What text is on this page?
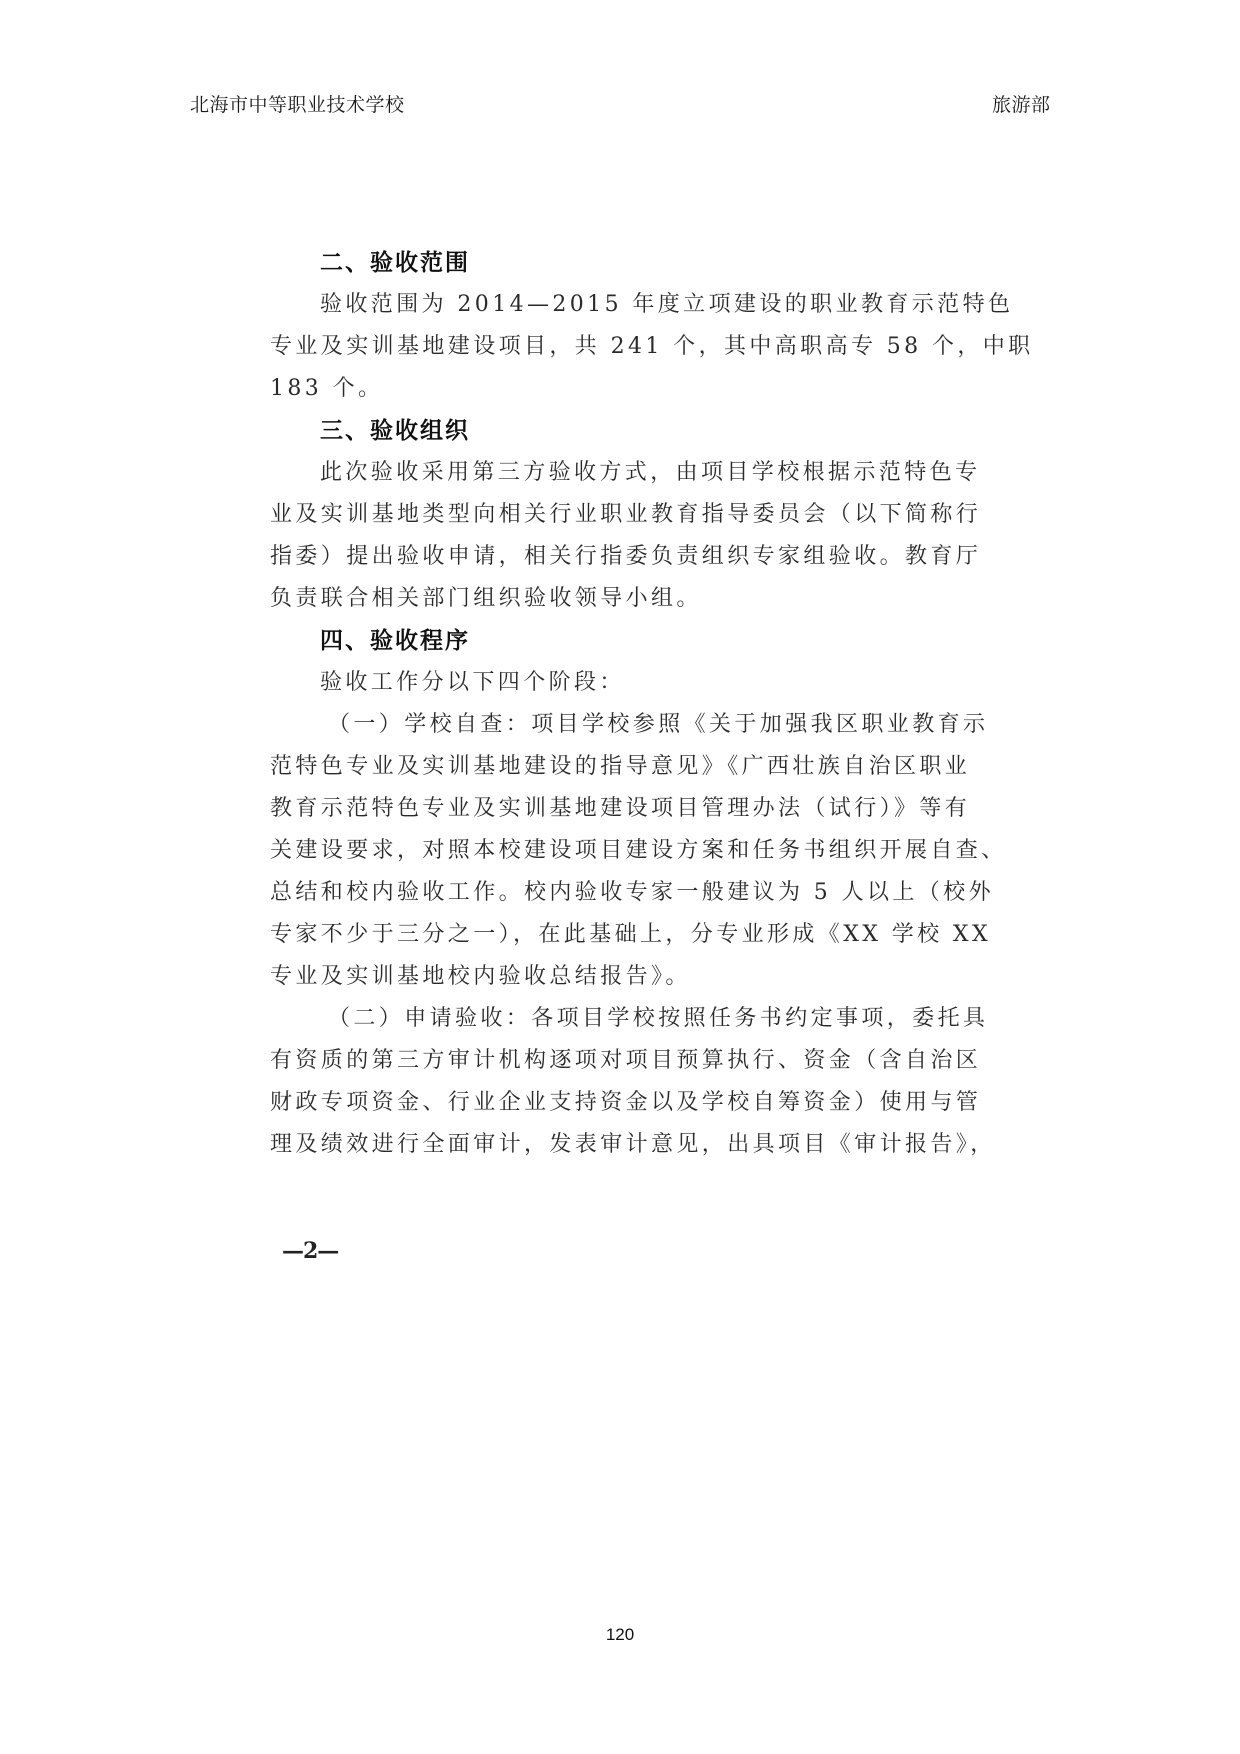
北海市中等职业技术学校	旅游部
二、验收范围
验收范围为 2014—2015 年度立项建设的职业教育示范特色
专业及实训基地建设项目，共 241 个，其中高职高专 58 个，中职
183 个。
三、验收组织
此次验收采用第三方验收方式，由项目学校根据示范特色专
业及实训基地类型向相关行业职业教育指导委员会（以下简称行
指委）提出验收申请，相关行指委负责组织专家组验收。教育厅
负责联合相关部门组织验收领导小组。
四、验收程序
验收工作分以下四个阶段：
（一）学校自查：项目学校参照《关于加强我区职业教育示
范特色专业及实训基地建设的指导意见》《广西壮族自治区职业
教育示范特色专业及实训基地建设项目管理办法（试行）》等有
关建设要求，对照本校建设项目建设方案和任务书组织开展自查、
总结和校内验收工作。校内验收专家一般建议为 5 人以上（校外
专家不少于三分之一），在此基础上，分专业形成《XX 学校 XX
专业及实训基地校内验收总结报告》。
（二）申请验收：各项目学校按照任务书约定事项，委托具
有资质的第三方审计机构逐项对项目预算执行、资金（含自治区
财政专项资金、行业企业支持资金以及学校自筹资金）使用与管
理及绩效进行全面审计，发表审计意见，出具项目《审计报告》，
—2—
120
